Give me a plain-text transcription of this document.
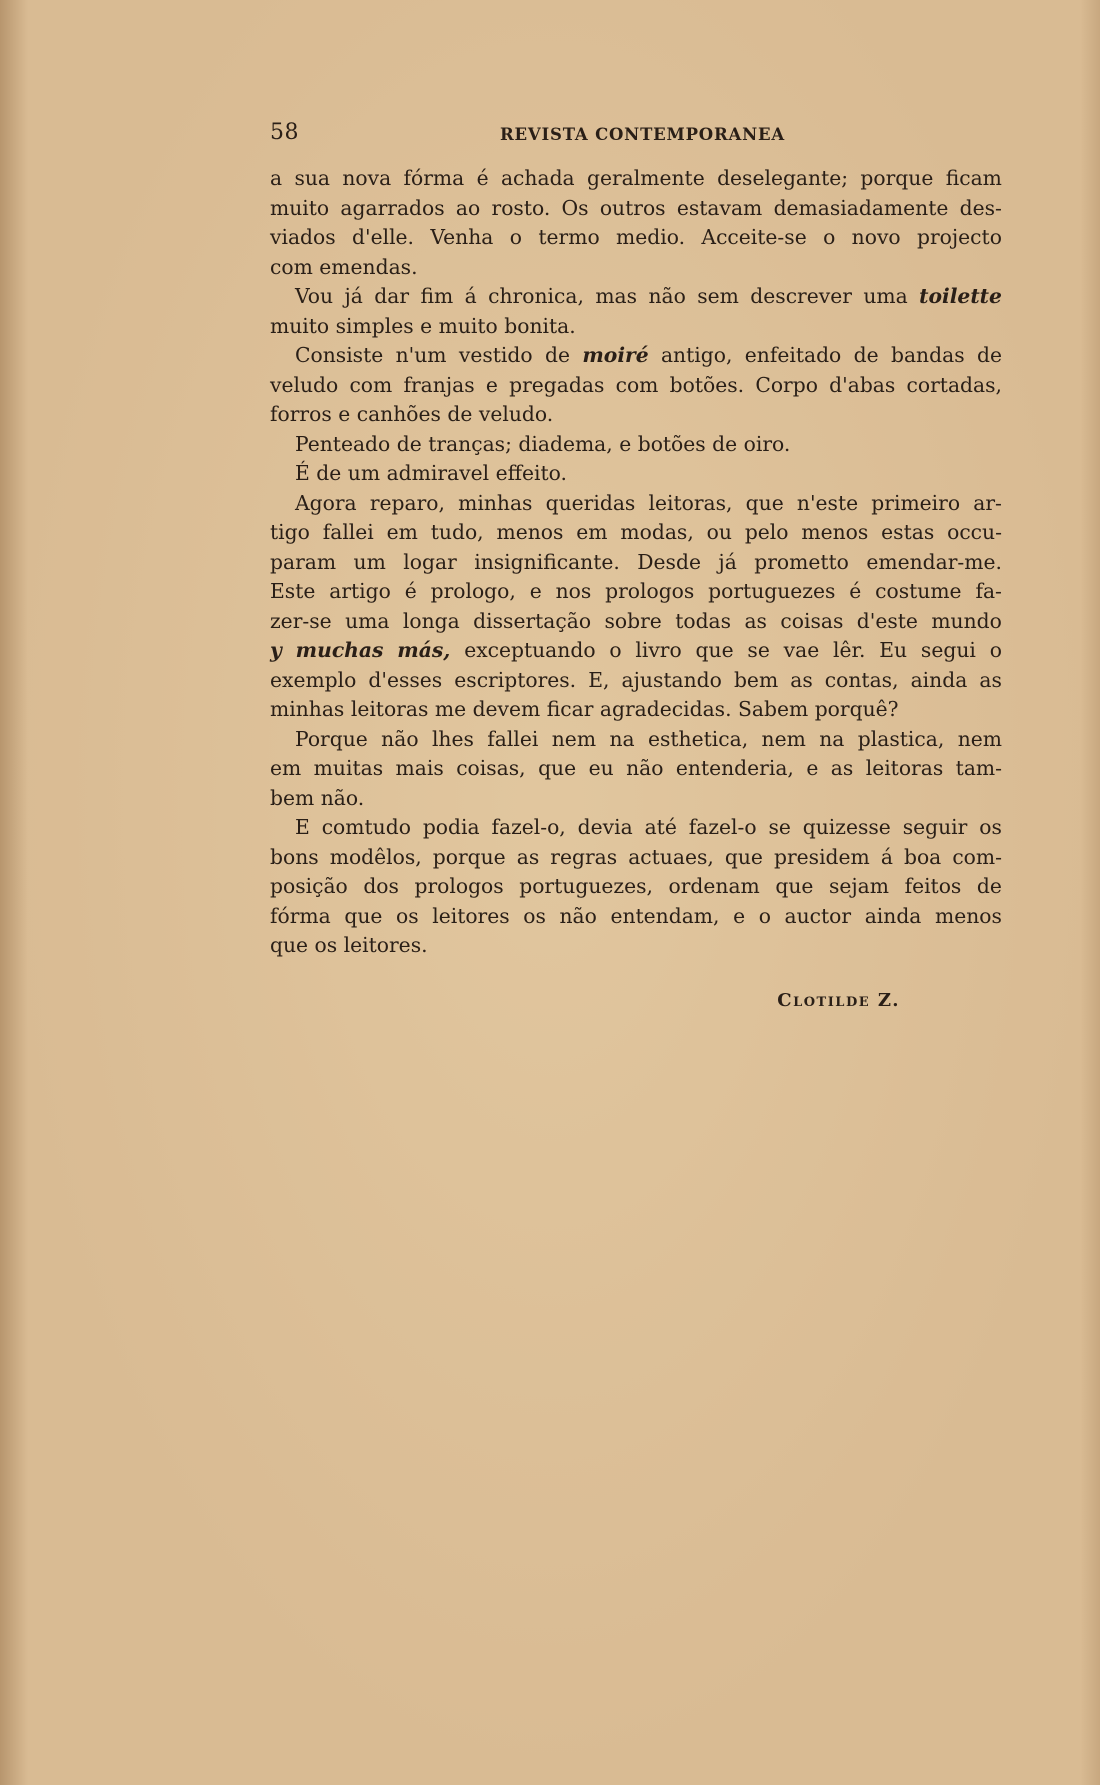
58	REVISTA CONTEMPORANEA
a sua nova fórma é achada geralmente deselegante; porque ficam
muito agarrados ao rosto. Os outros estavam demasiadamente des-
viados d'elle. Venha o termo medio. Acceite-se o novo projecto
com emendas.
Vou já dar fim á chronica, mas não sem descrever uma toilette
muito simples e muito bonita.
Consiste n'um vestido de moiré antigo, enfeitado de bandas de
veludo com franjas e pregadas com botões. Corpo d'abas cortadas,
forros e canhões de veludo.
Penteado de tranças; diadema, e botões de oiro.
É de um admiravel effeito.
Agora reparo, minhas queridas leitoras, que n'este primeiro ar-
tigo fallei em tudo, menos em modas, ou pelo menos estas occu-
param um logar insignificante. Desde já prometto emendar-me.
Este artigo é prologo, e nos prologos portuguezes é costume fa-
zer-se uma longa dissertação sobre todas as coisas d'este mundo
y muchas más, exceptuando o livro que se vae lêr. Eu segui o
exemplo d'esses escriptores. E, ajustando bem as contas, ainda as
minhas leitoras me devem ficar agradecidas. Sabem porquê?
Porque não lhes fallei nem na esthetica, nem na plastica, nem
em muitas mais coisas, que eu não entenderia, e as leitoras tam-
bem não.
E comtudo podia fazel-o, devia até fazel-o se quizesse seguir os
bons modêlos, porque as regras actuaes, que presidem á boa com-
posição dos prologos portuguezes, ordenam que sejam feitos de
fórma que os leitores os não entendam, e o auctor ainda menos
que os leitores.
Clotilde Z.
